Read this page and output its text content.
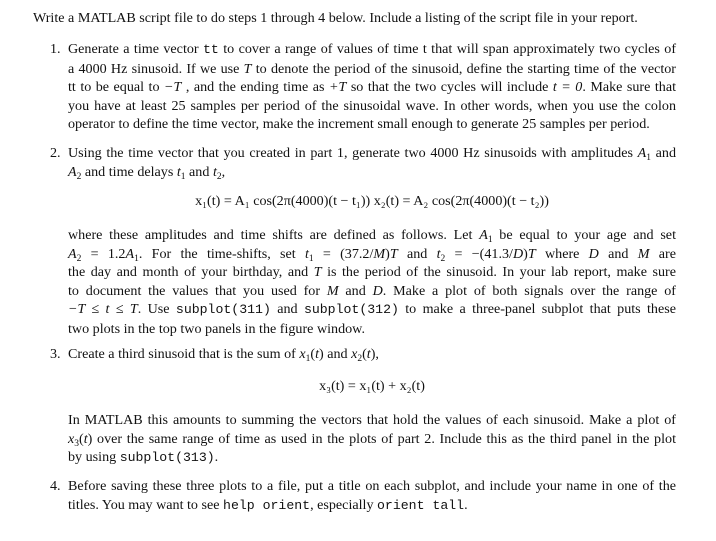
Write a MATLAB script file to do steps 1 through 4 below. Include a listing of the script file in your report.
1. Generate a time vector tt to cover a range of values of time t that will span approximately two cycles of
a 4000 Hz sinusoid. If we use T to denote the period of the sinusoid, define the starting time of the vector
tt to be equal to −T , and the ending time as +T so that the two cycles will include t = 0. Make sure that
you have at least 25 samples per period of the sinusoidal wave. In other words, when you use the colon
operator to define the time vector, make the increment small enough to generate 25 samples per period.
2. Using the time vector that you created in part 1, generate two 4000 Hz sinusoids with amplitudes $A_1$ and
$A_2$ and time delays $t_1$ and $t_2$,
x₁(t) = A₁ cos(2π(4000)(t − t₁)) x₂(t) = A₂ cos(2π(4000)(t − t₂))
where these amplitudes and time shifts are defined as follows. Let $A_1$ be equal to your age and set
$A_2 = 1.2A_1$. For the time-shifts, set $t_1 = (37.2/M)T$ and $t_2 = -(41.3/D)T$ where D and M are
the day and month of your birthday, and T is the period of the sinusoid. In your lab report, make sure
to document the values that you used for M and D. Make a plot of both signals over the range of
−T ≤ t ≤ T. Use subplot(311) and subplot(312) to make a three-panel subplot that puts these
two plots in the top two panels in the figure window.
3. Create a third sinusoid that is the sum of $x_1(t)$ and $x_2(t)$,
x₃(t) = x₁(t) + x₂(t)
In MATLAB this amounts to summing the vectors that hold the values of each sinusoid. Make a plot of
$x_3(t)$ over the same range of time as used in the plots of part 2. Include this as the third panel in the plot
by using subplot(313).
4. Before saving these three plots to a file, put a title on each subplot, and include your name in one of the
titles. You may want to see help orient, especially orient tall.
